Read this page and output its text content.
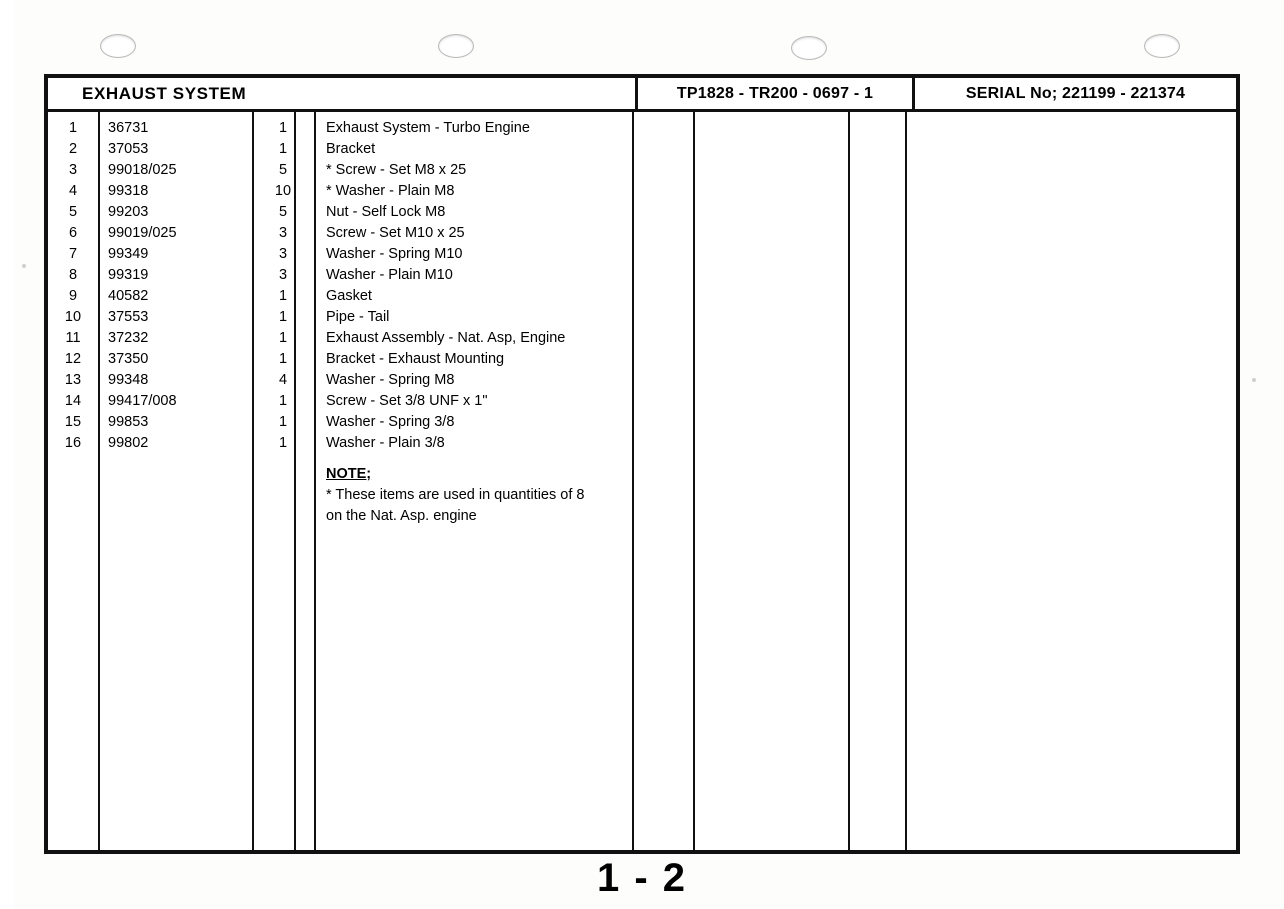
EXHAUST SYSTEM	TP1828 - TR200 - 0697 - 1	SERIAL No; 221199 - 221374
1	36731	1	Exhaust System - Turbo Engine
2	37053	1	Bracket
3	99018/025	5	* Screw - Set M8 x 25
4	99318	10	* Washer - Plain M8
5	99203	5	Nut - Self Lock M8
6	99019/025	3	Screw - Set M10 x 25
7	99349	3	Washer - Spring M10
8	99319	3	Washer - Plain M10
9	40582	1	Gasket
10	37553	1	Pipe - Tail
11	37232	1	Exhaust Assembly - Nat. Asp, Engine
12	37350	1	Bracket - Exhaust Mounting
13	99348	4	Washer - Spring M8
14	99417/008	1	Screw - Set 3/8 UNF x 1"
15	99853	1	Washer - Spring 3/8
16	99802	1	Washer - Plain 3/8
NOTE;
* These items are used in quantities of 8
on the Nat. Asp. engine
1 - 2
